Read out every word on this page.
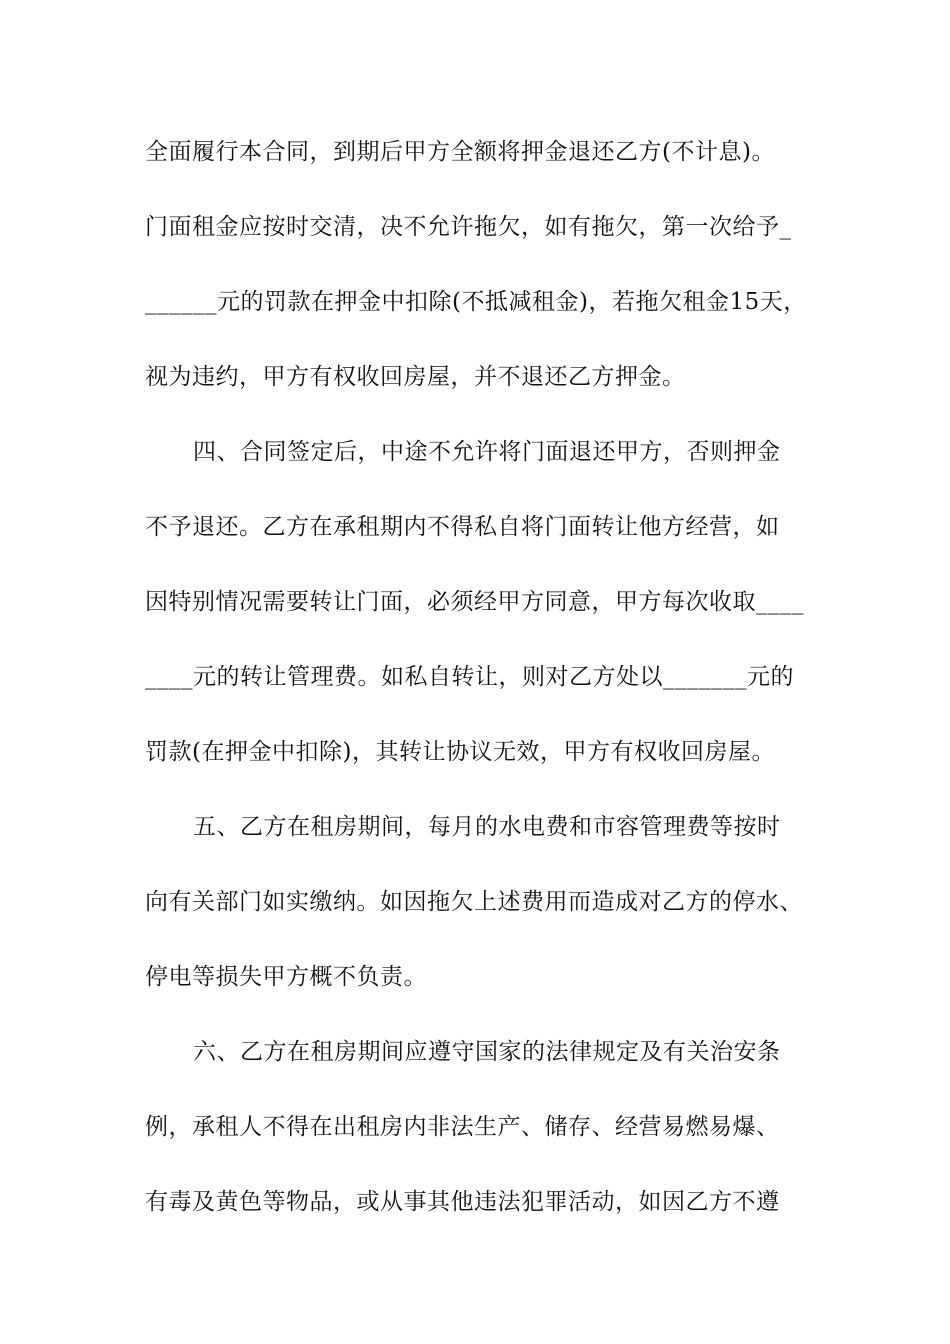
全面履行本合同，到期后甲方全额将押金退还乙方(不计息)。

门面租金应按时交清，决不允许拖欠，如有拖欠，第一次给予_

______元的罚款在押金中扣除(不抵减租金)，若拖欠租金15天，

视为违约，甲方有权收回房屋，并不退还乙方押金。

四、合同签定后，中途不允许将门面退还甲方，否则押金

不予退还。乙方在承租期内不得私自将门面转让他方经营，如

因特别情况需要转让门面，必须经甲方同意，甲方每次收取____

____元的转让管理费。如私自转让，则对乙方处以_______元的

罚款(在押金中扣除)，其转让协议无效，甲方有权收回房屋。

五、乙方在租房期间，每月的水电费和市容管理费等按时

向有关部门如实缴纳。如因拖欠上述费用而造成对乙方的停水、

停电等损失甲方概不负责。

六、乙方在租房期间应遵守国家的法律规定及有关治安条

例，承租人不得在出租房内非法生产、储存、经营易燃易爆、

有毒及黄色等物品，或从事其他违法犯罪活动，如因乙方不遵
